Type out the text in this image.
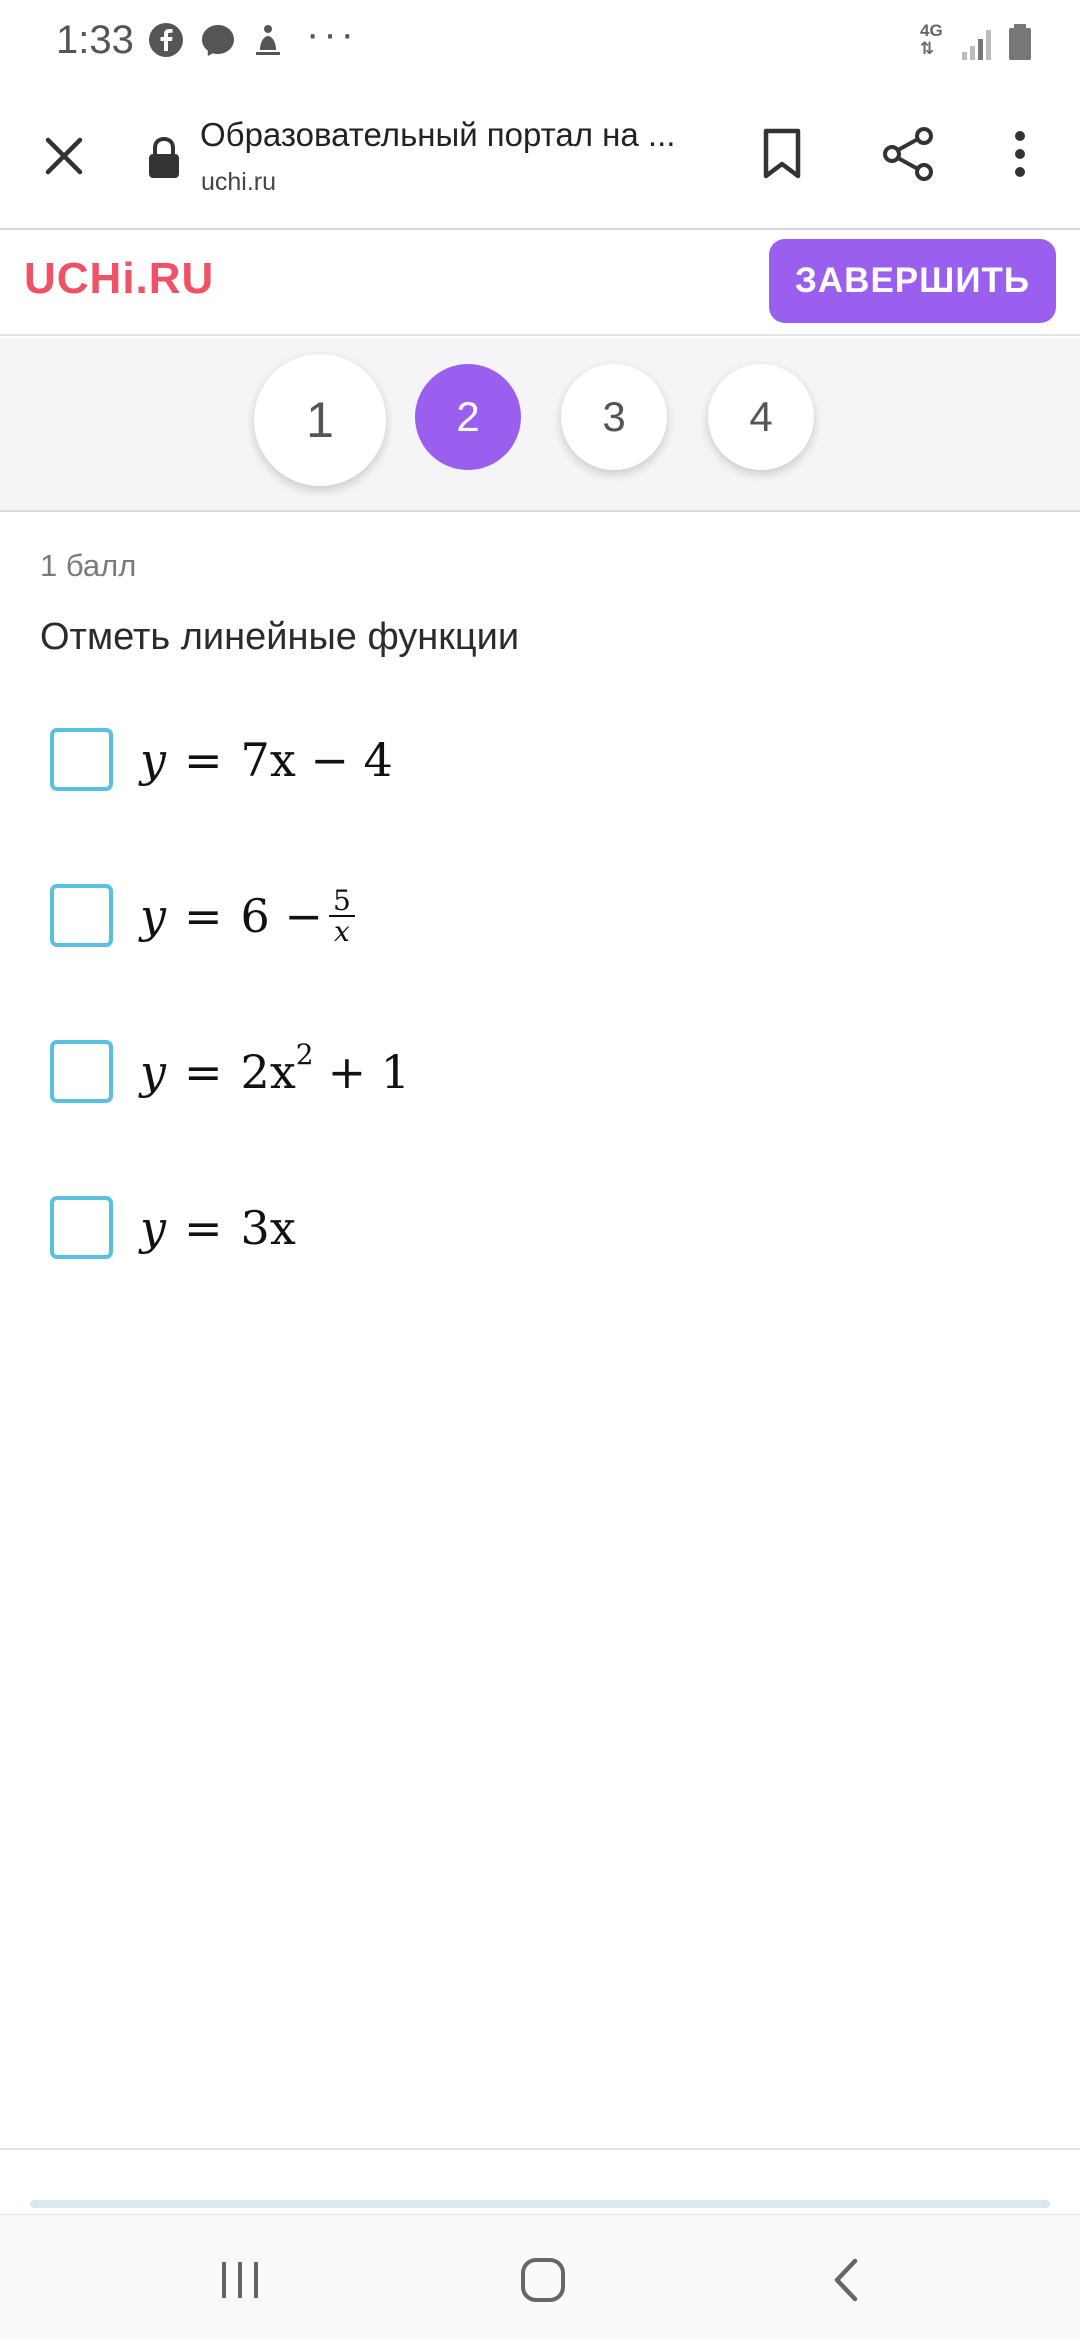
1:33	···	4G
⇅
Образовательный портал на ...
uchi.ru
UCHi.RU	ЗАВЕРШИТЬ
1	2	3	4
1 балл
Отметь линейные функции
y = 7x − 4
$y = 6 - \frac{5}{x}$
y = 2x 2 + 1
y = 3x
